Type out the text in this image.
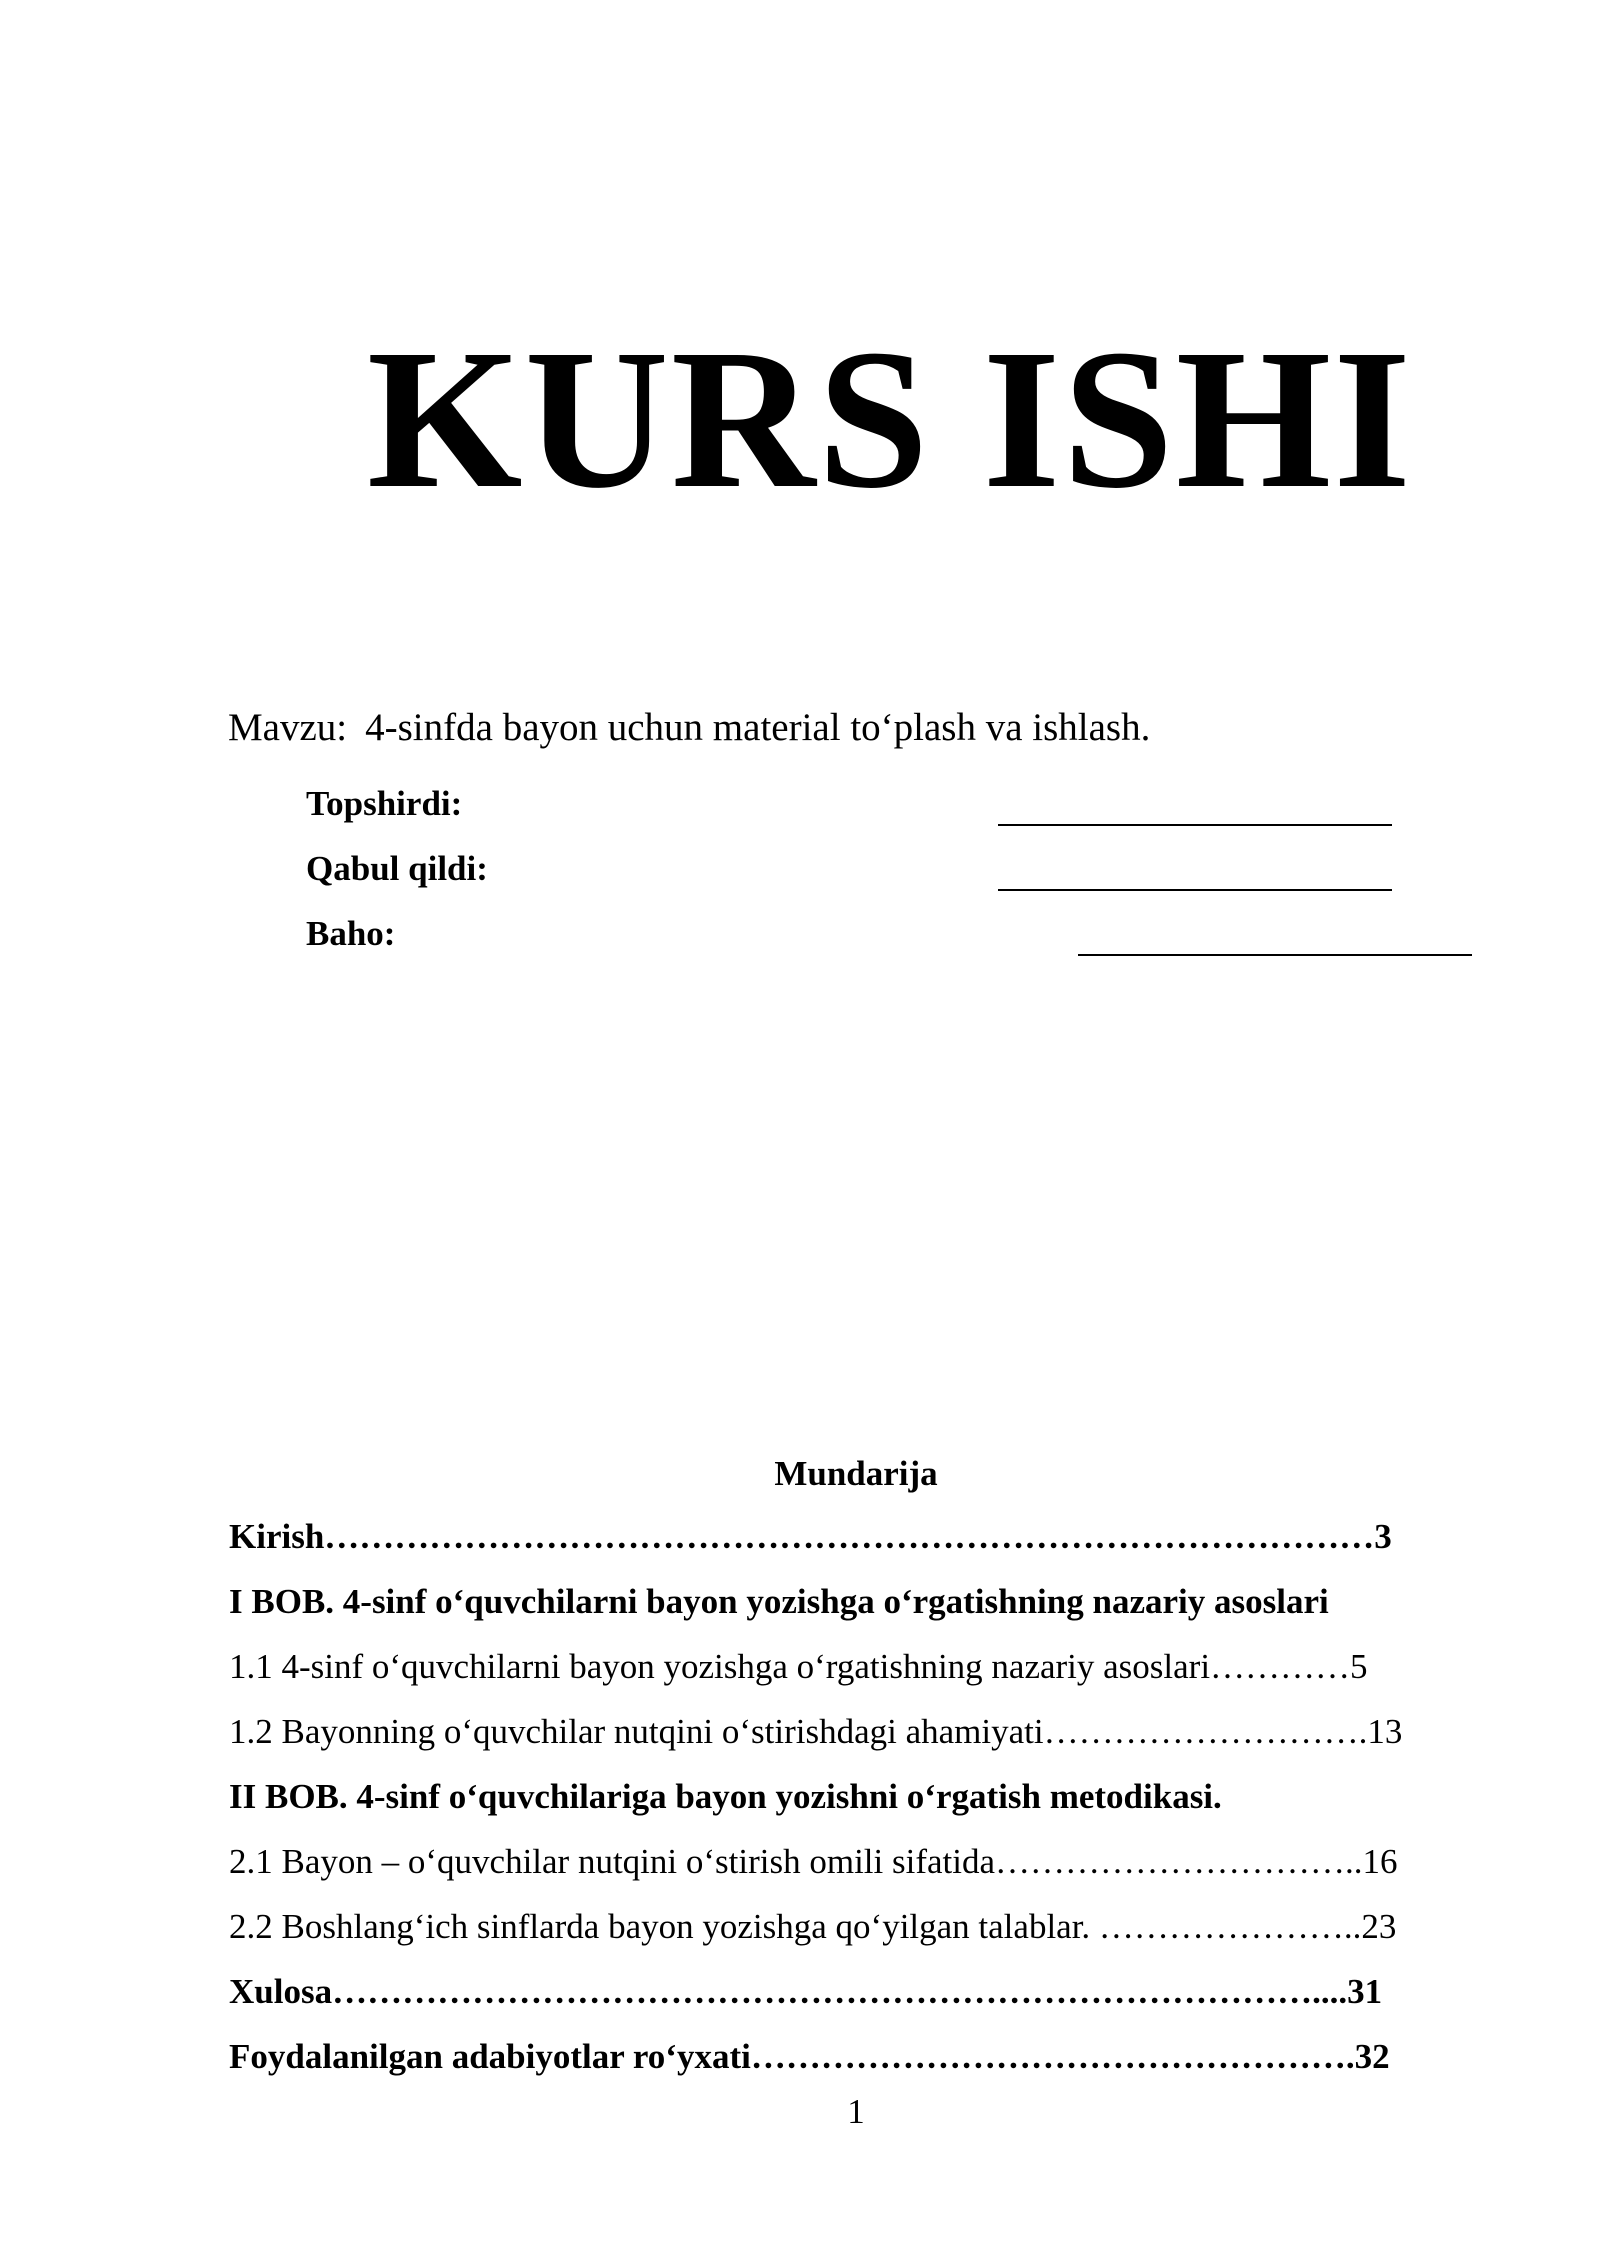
KURS ISHI
Mavzu: 4-sinfda bayon uchun material to‘plash va ishlash.
Topshirdi:
Qabul qildi:
Baho:
Mundarija
Kirish………………………………………………………………………………3
I BOB. 4-sinf o‘quvchilarni bayon yozishga o‘rgatishning nazariy asoslari
1.1 4-sinf o‘quvchilarni bayon yozishga o‘rgatishning nazariy asoslari…………5
1.2 Bayonning o‘quvchilar nutqini o‘stirishdagi ahamiyati……………………….13
II BOB. 4-sinf o‘quvchilariga bayon yozishni o‘rgatish metodikasi.
2.1 Bayon – o‘quvchilar nutqini o‘stirish omili sifatida…………………………..16
2.2 Boshlang‘ich sinflarda bayon yozishga qo‘yilgan talablar. …………………..23
Xulosa…………………………………………………………………………....31
Foydalanilgan adabiyotlar ro‘yxati…………………………………………….32
1
